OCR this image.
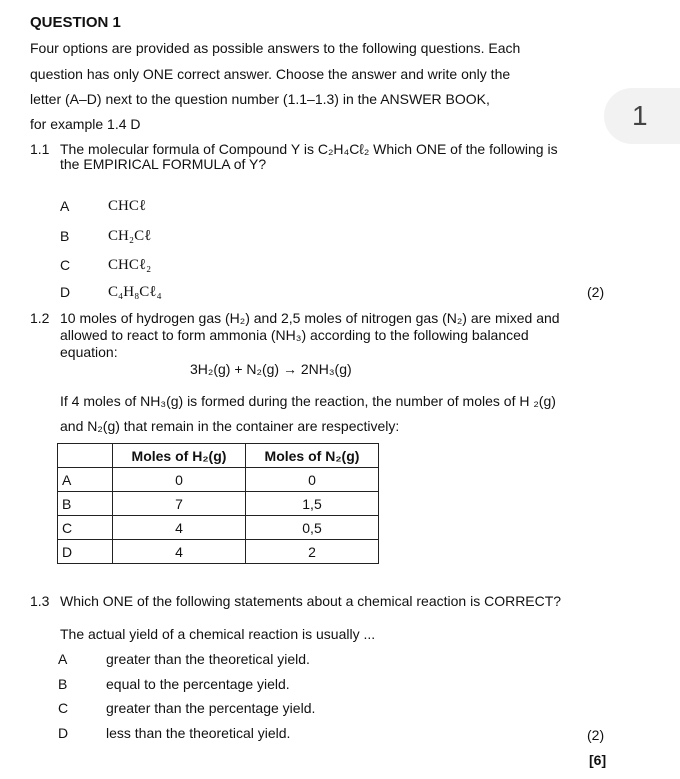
1
QUESTION 1
Four options are provided as possible answers to the following questions. Each
question has only ONE correct answer. Choose the answer and write only the
letter (A–D) next to the question number (1.1–1.3) in the ANSWER BOOK,
for example 1.4 D
1.1 The molecular formula of Compound Y is C₂H₄Cℓ₂ Which ONE of the following is
the EMPIRICAL FORMULA of Y?
A	CHCℓ
B	CH₂Cℓ
C	CHCℓ₂
D	C₄H₈Cℓ₄	(2)
1.2 10 moles of hydrogen gas (H₂) and 2,5 moles of nitrogen gas (N₂) are mixed and
allowed to react to form ammonia (NH₃) according to the following balanced
equation:
3H₂(g) + N₂(g) → 2NH₃(g)
If 4 moles of NH₃(g) is formed during the reaction, the number of moles of H ₂(g)
and N₂(g) that remain in the container are respectively:
	Moles of H₂(g)	Moles of N₂(g)
A	0	0
B	7	1,5
C	4	0,5
D	4	2
1.3 Which ONE of the following statements about a chemical reaction is CORRECT?
The actual yield of a chemical reaction is usually ...
A	greater than the theoretical yield.
B	equal to the percentage yield.
C	greater than the percentage yield.
D	less than the theoretical yield.	(2)
[6]
